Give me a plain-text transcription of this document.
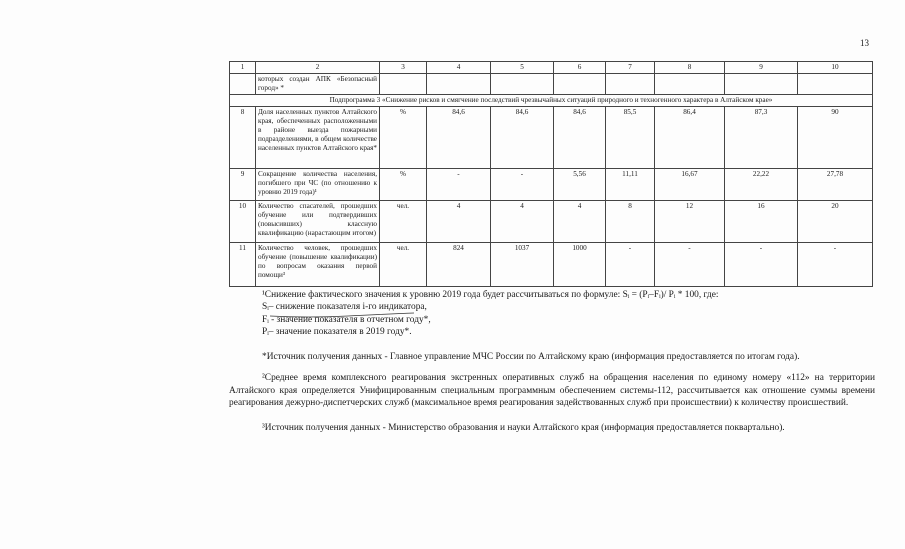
13
1	2	3	4	5	6	7	8	9	10
	которых создан АПК «Безопасный город» *								
Подпрограмма 3 «Снижение рисков и смягчение последствий чрезвычайных ситуаций природного и техногенного характера в Алтайском крае»									
8	Доля населенных пунктов Алтайского края, обеспеченных расположенными в районе выезда пожарными подразделениями, в общем количестве населенных пунктов Алтайского края*	%	84,6	84,6	84,6	85,5	86,4	87,3	90
9	Сокращение количества населения, погибшего при ЧС (по отношению к уровню 2019 года)¹	%	-	-	5,56	11,11	16,67	22,22	27,78
10	Количество спасателей, прошедших обучение или подтвердивших (повысивших) классную квалификацию (нарастающим итогом)	чел.	4	4	4	8	12	16	20
11	Количество человек, прошедших обучение (повышение квалификации) по вопросам оказания первой помощи³	чел.	824	1037	1000	-	-	-	-

¹Снижение фактического значения к уровню 2019 года будет рассчитываться по формуле: Sᵢ = (Pᵢ–Fᵢ)/ Pᵢ * 100, где:

Sᵢ– снижение показателя i-го индикатора,

Fᵢ - значение показателя в отчетном году*,

Pᵢ– значение показателя в 2019 году*.

*Источник получения данных - Главное управление МЧС России по Алтайскому краю (информация предоставляется по итогам года).

²Среднее время комплексного реагирования экстренных оперативных служб на обращения населения по единому номеру «112» на территории Алтайского края определяется Унифицированным специальным программным обеспечением системы-112, рассчитывается как отношение суммы времени реагирования дежурно-диспетчерских служб (максимальное время реагирования задействованных служб при происшествии) к количеству происшествий.

³Источник получения данных - Министерство образования и науки Алтайского края (информация предоставляется поквартально).
